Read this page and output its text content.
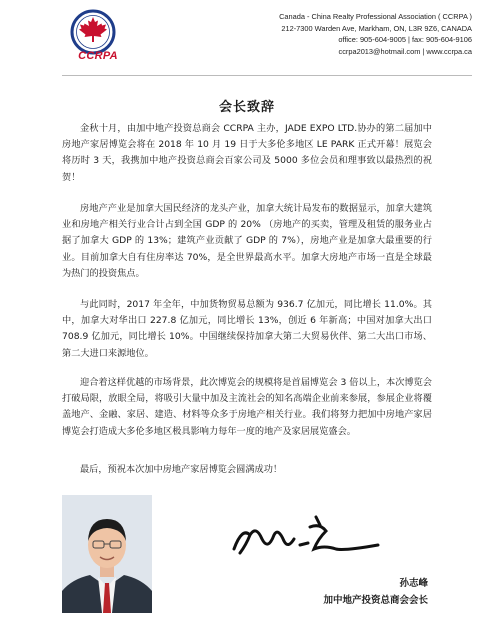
CCRPA
Canada - China Realty Professional Association ( CCRPA )
212-7300 Warden Ave, Markham, ON, L3R 9Z6, CANADA
office: 905-604-9005 | fax: 905-604-9106
ccrpa2013@hotmail.com | www.ccrpa.ca
会长致辞

金秋十月，由加中地产投资总商会 CCRPA 主办，JADE EXPO LTD.协办的第二届加中房地产家居博览会将在 2018 年 10 月 19 日于大多伦多地区 LE PARK 正式开幕！展览会将历时 3 天，我携加中地产投资总商会百家公司及 5000 多位会员和理事致以最热烈的祝贺！

房地产产业是加拿大国民经济的龙头产业，加拿大统计局发布的数据显示，加拿大建筑业和房地产相关行业合计占到全国 GDP 的 20% （房地产的买卖，管理及租赁的服务业占据了加拿大 GDP 的 13%；建筑产业贡献了 GDP 的 7%），房地产业是加拿大最重要的行业。目前加拿大自有住房率达 70%，是全世界最高水平。加拿大房地产市场一直是全球最为热门的投资焦点。

与此同时，2017 年全年，中加货物贸易总额为 936.7 亿加元，同比增长 11.0%。其中，加拿大对华出口 227.8 亿加元，同比增长 13%，创近 6 年新高；中国对加拿大出口 708.9 亿加元，同比增长 10%。中国继续保持加拿大第二大贸易伙伴、第二大出口市场、第二大进口来源地位。

迎合着这样优越的市场背景，此次博览会的规模将是首届博览会 3 倍以上，本次博览会打破局限，放眼全局，将吸引大量中加及主流社会的知名高端企业前来参展，参展企业将覆盖地产、金融、家居、建造、材料等众多于房地产相关行业。我们将努力把加中房地产家居博览会打造成大多伦多地区极具影响力每年一度的地产及家居展览盛会。

最后，预祝本次加中房地产家居博览会圆满成功！

孙志峰
加中地产投资总商会会长
